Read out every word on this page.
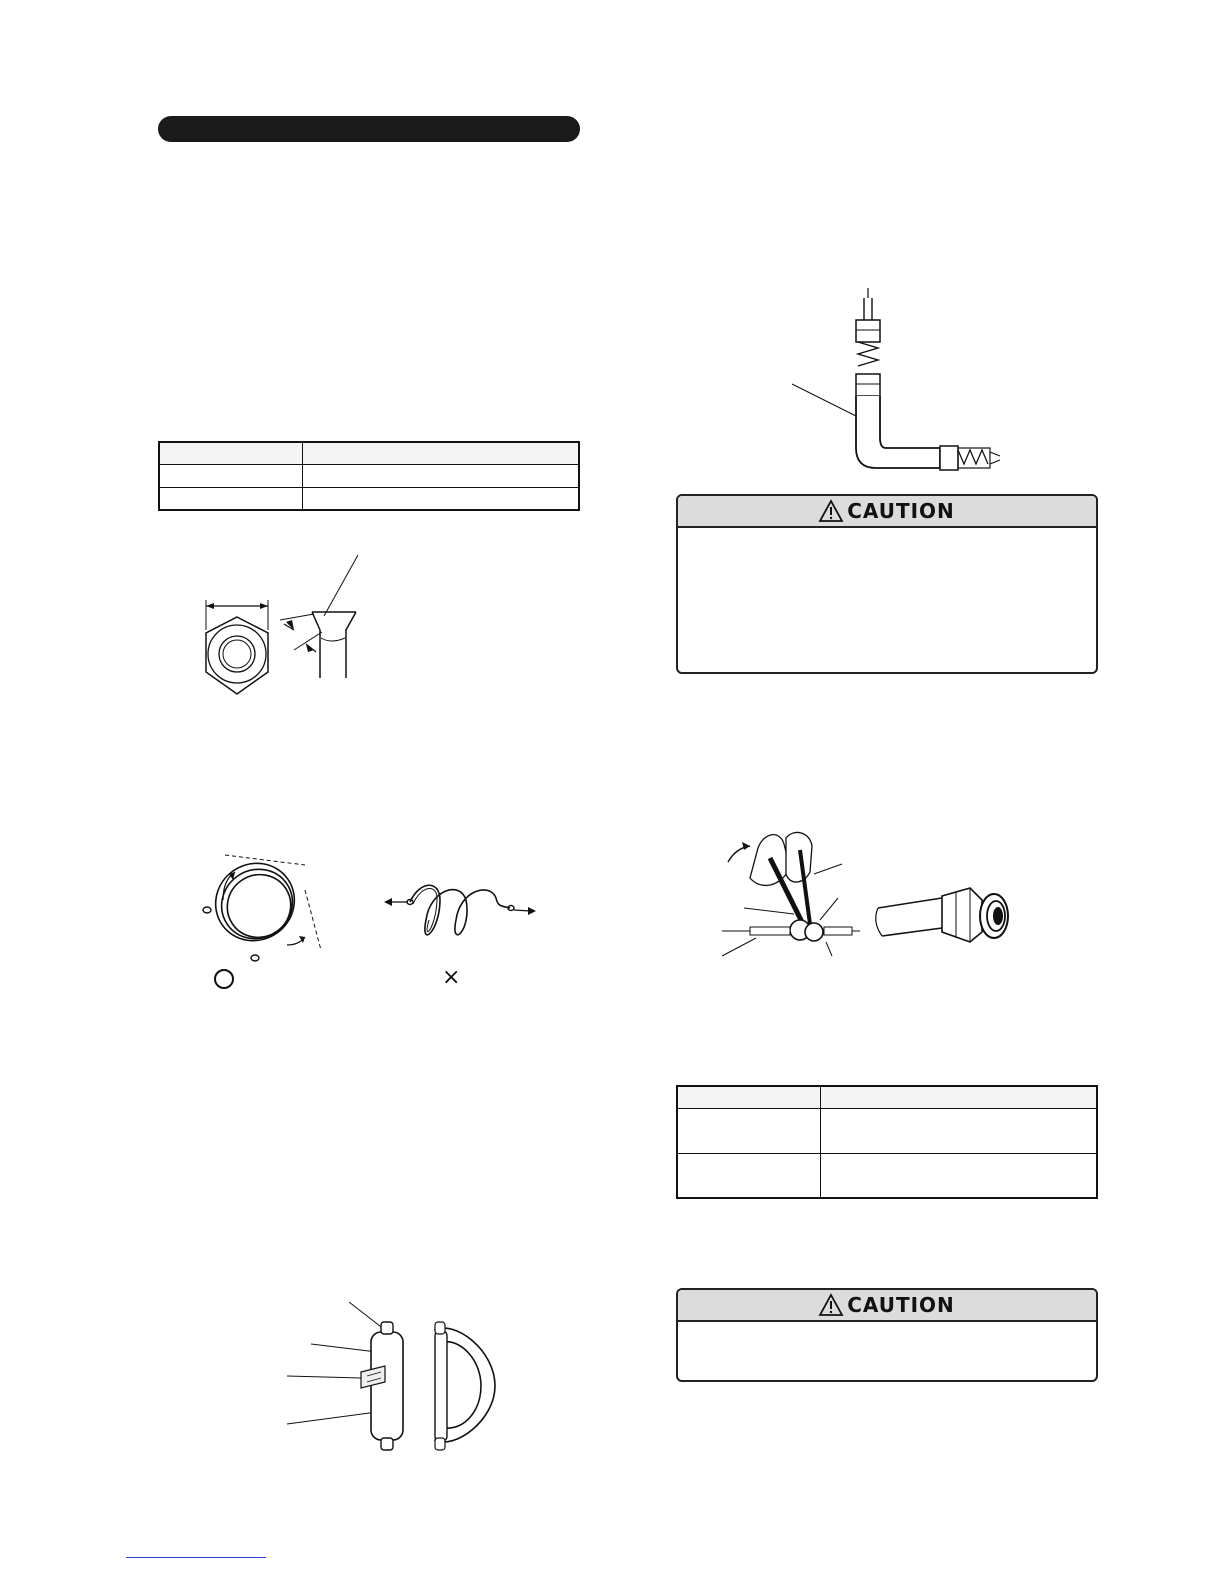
×
CAUTION

CAUTION
